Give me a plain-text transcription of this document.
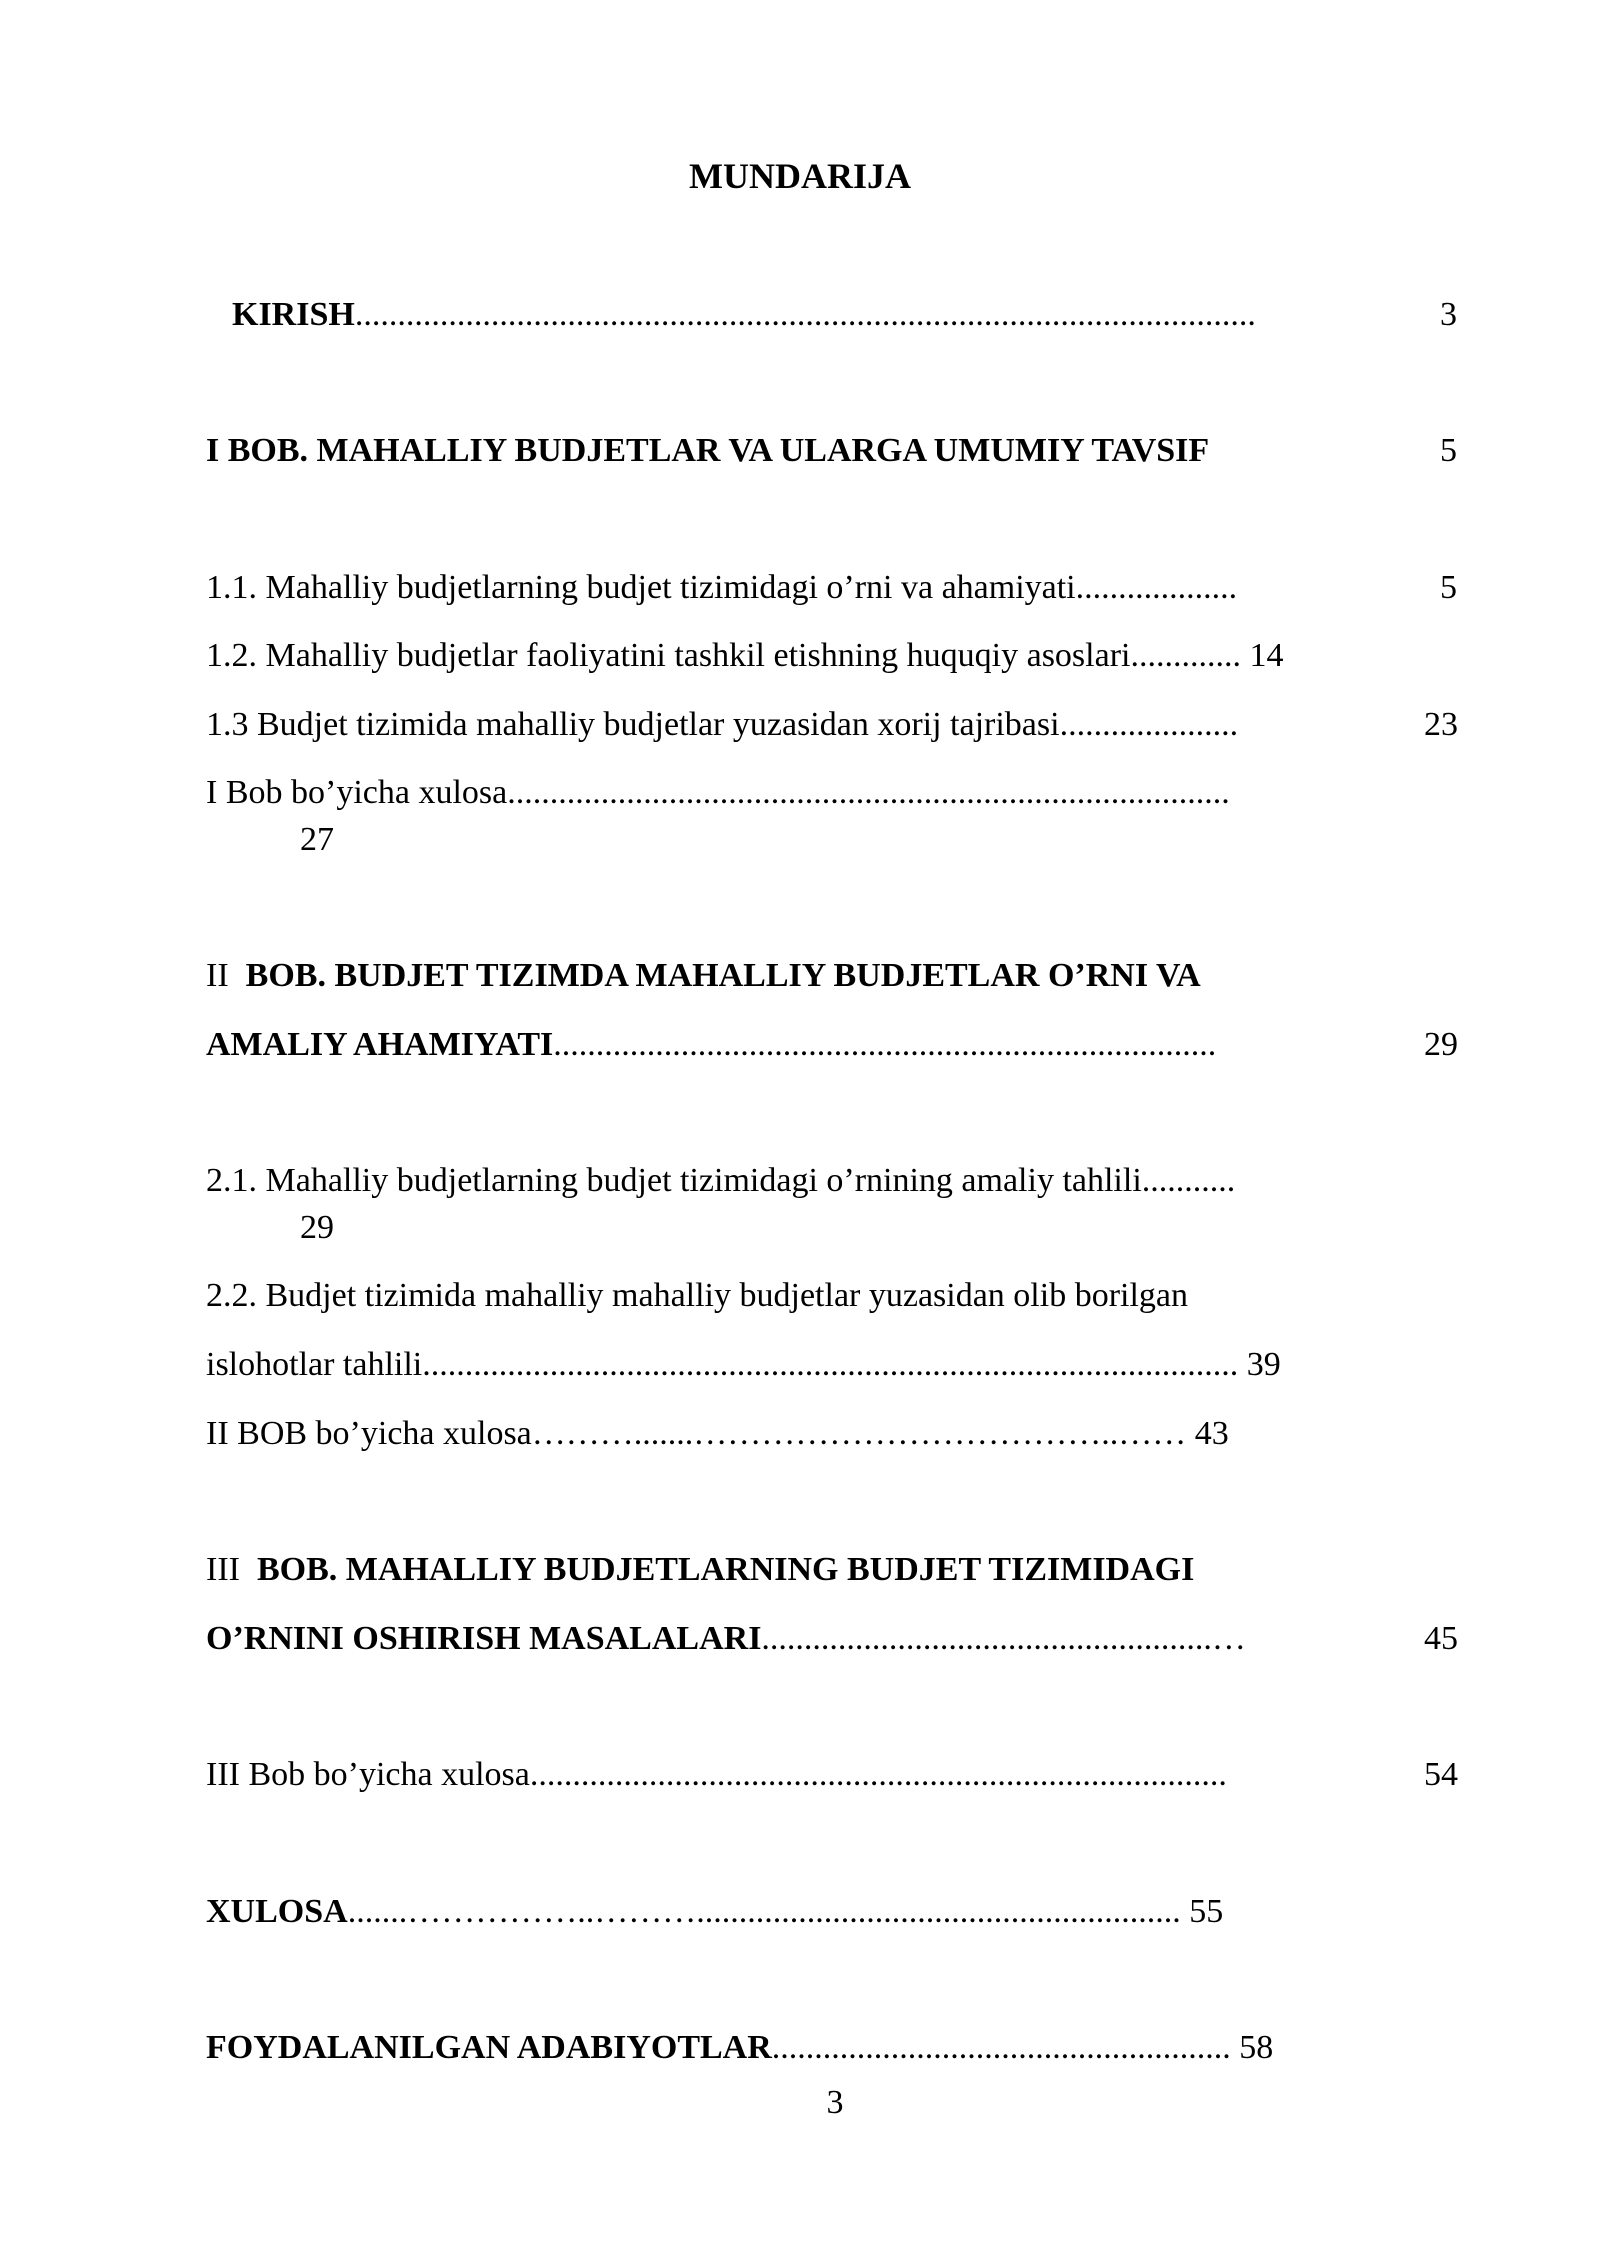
MUNDARIJA
KIRISH..........................................................................................................	3
I BOB. MAHALLIY BUDJETLAR VA ULARGA UMUMIY TAVSIF	5
1.1. Mahalliy budjetlarning budjet tizimidagi o’rni va ahamiyati...................	5
1.2. Mahalliy budjetlar faoliyatini tashkil etishning huquqiy asoslari............. 14
1.3 Budjet tizimida mahalliy budjetlar yuzasidan xorij tajribasi.....................	23
I Bob bo’yicha xulosa.....................................................................................
27
II BOB. BUDJET TIZIMDA MAHALLIY BUDJETLAR O’RNI VA
AMALIY AHAMIYATI..............................................................................	29
2.1. Mahalliy budjetlarning budjet tizimidagi o’rnining amaliy tahlili...........
29
2.2. Budjet tizimida mahalliy mahalliy budjetlar yuzasidan olib borilgan
islohotlar tahlili................................................................................................ 39
II BOB bo’yicha xulosa……….......………………………………..…… 43
III BOB. MAHALLIY BUDJETLARNING BUDJET TIZIMIDAGI
O’RNINI OSHIRISH MASALALARI.....................................................…	45
III Bob bo’yicha xulosa..................................................................................	54
XULOSA.......……………..………......................................................... 55
FOYDALANILGAN ADABIYOTLAR...................................................... 58
3
